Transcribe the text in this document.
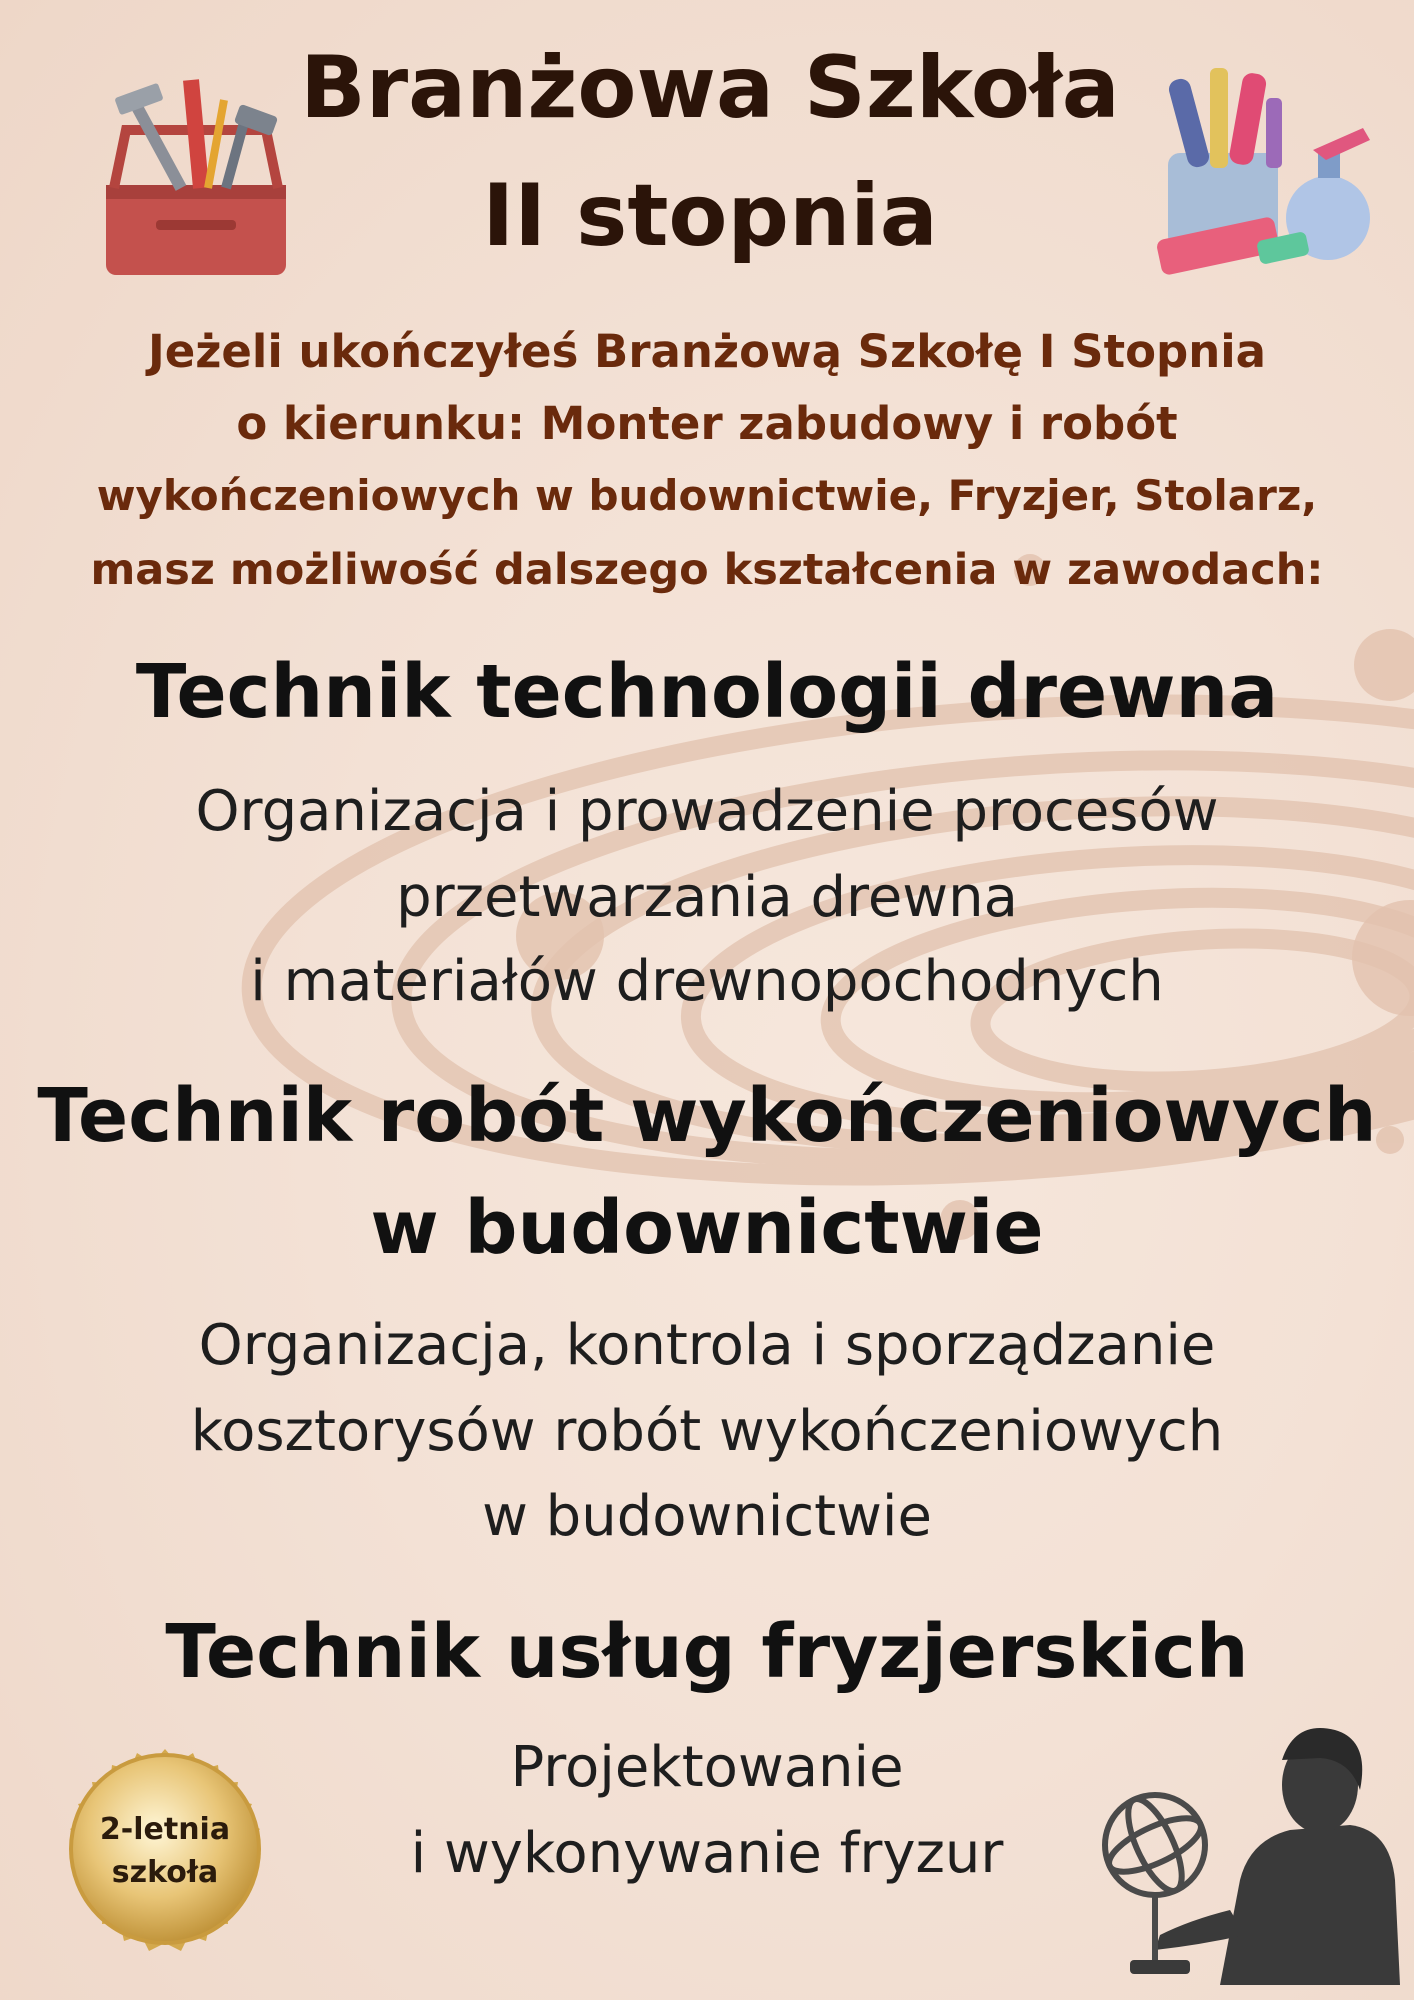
Branżowa Szkoła
II stopnia

Jeżeli ukończyłeś Branżową Szkołę I Stopnia

o kierunku: Monter zabudowy i robót

wykończeniowych w budownictwie, Fryzjer, Stolarz,

masz możliwość dalszego kształcenia w zawodach:

Technik technologii drewna

Organizacja i prowadzenie procesów

przetwarzania drewna

i materiałów drewnopochodnych

Technik robót wykończeniowych
w budownictwie

Organizacja, kontrola i sporządzanie

kosztorysów robót wykończeniowych

w budownictwie

Technik usług fryzjerskich

Projektowanie

i wykonywanie fryzur

2-letnia
szkoła
